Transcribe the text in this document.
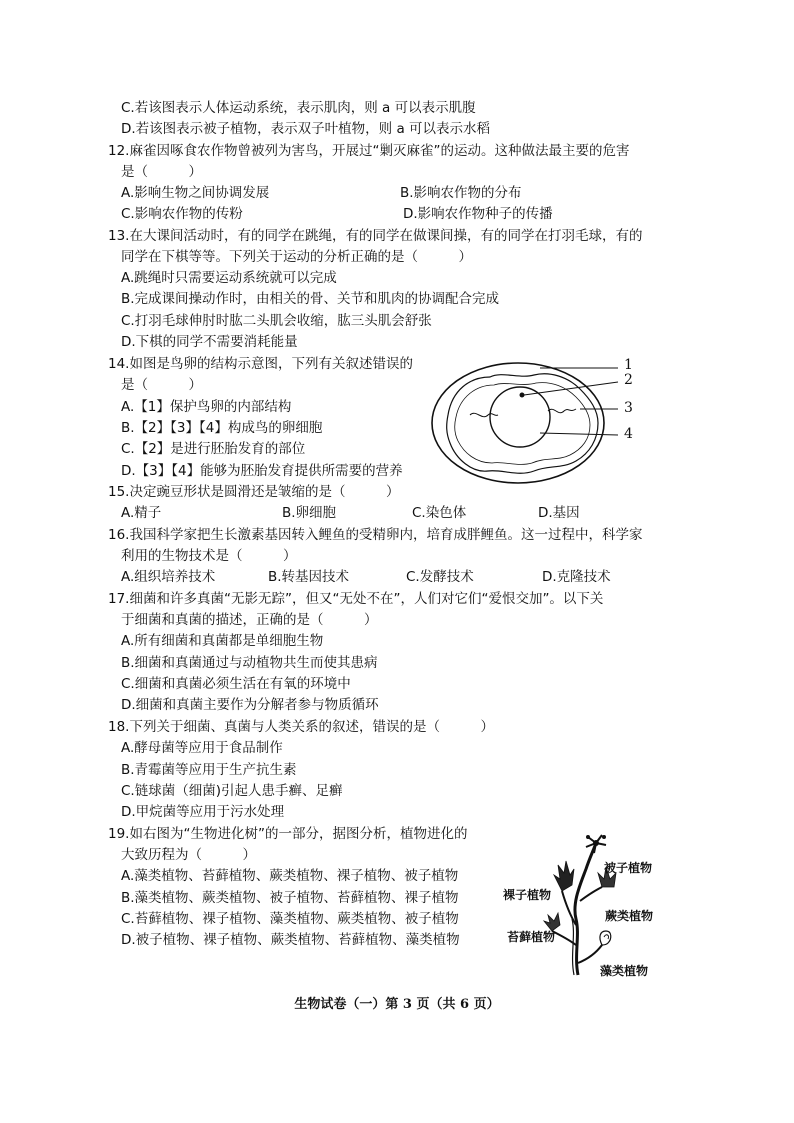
C.若该图表示人体运动系统，表示肌肉，则 a 可以表示肌腹
D.若该图表示被子植物，表示双子叶植物，则 a 可以表示水稻
12.麻雀因啄食农作物曾被列为害鸟，开展过“剿灭麻雀”的运动。这种做法最主要的危害
是（　　　）
A.影响生物之间协调发展	B.影响农作物的分布
C.影响农作物的传粉	D.影响农作物种子的传播
13.在大课间活动时，有的同学在跳绳，有的同学在做课间操，有的同学在打羽毛球，有的
同学在下棋等等。下列关于运动的分析正确的是（　　　）
A.跳绳时只需要运动系统就可以完成
B.完成课间操动作时，由相关的骨、关节和肌肉的协调配合完成
C.打羽毛球伸肘时肱二头肌会收缩，肱三头肌会舒张
D.下棋的同学不需要消耗能量
14.如图是鸟卵的结构示意图，下列有关叙述错误的
是（　　　）
A.【1】保护鸟卵的内部结构
B.【2】【3】【4】构成鸟的卵细胞
C.【2】是进行胚胎发育的部位
D.【3】【4】能够为胚胎发育提供所需要的营养
1
2
3
4
15.决定豌豆形状是圆滑还是皱缩的是（　　　）
A.精子	B.卵细胞	C.染色体	D.基因
16.我国科学家把生长激素基因转入鲤鱼的受精卵内，培育成胖鲤鱼。这一过程中，科学家
利用的生物技术是（　　　）
A.组织培养技术	B.转基因技术	C.发酵技术	D.克隆技术
17.细菌和许多真菌“无影无踪”，但又“无处不在”，人们对它们“爱恨交加”。以下关
于细菌和真菌的描述，正确的是（　　　）
A.所有细菌和真菌都是单细胞生物
B.细菌和真菌通过与动植物共生而使其患病
C.细菌和真菌必须生活在有氧的环境中
D.细菌和真菌主要作为分解者参与物质循环
18.下列关于细菌、真菌与人类关系的叙述，错误的是（　　　）
A.酵母菌等应用于食品制作
B.青霉菌等应用于生产抗生素
C.链球菌（细菌)引起人患手癣、足癣
D.甲烷菌等应用于污水处理
19.如右图为“生物进化树”的一部分，据图分析，植物进化的
大致历程为（　　　）
A.藻类植物、苔藓植物、蕨类植物、裸子植物、被子植物
B.藻类植物、蕨类植物、被子植物、苔藓植物、裸子植物
C.苔藓植物、裸子植物、藻类植物、蕨类植物、被子植物
D.被子植物、裸子植物、蕨类植物、苔藓植物、藻类植物
被子植物
裸子植物
蕨类植物
苔藓植物
藻类植物
生物试卷（一）第 3 页（共 6 页）
